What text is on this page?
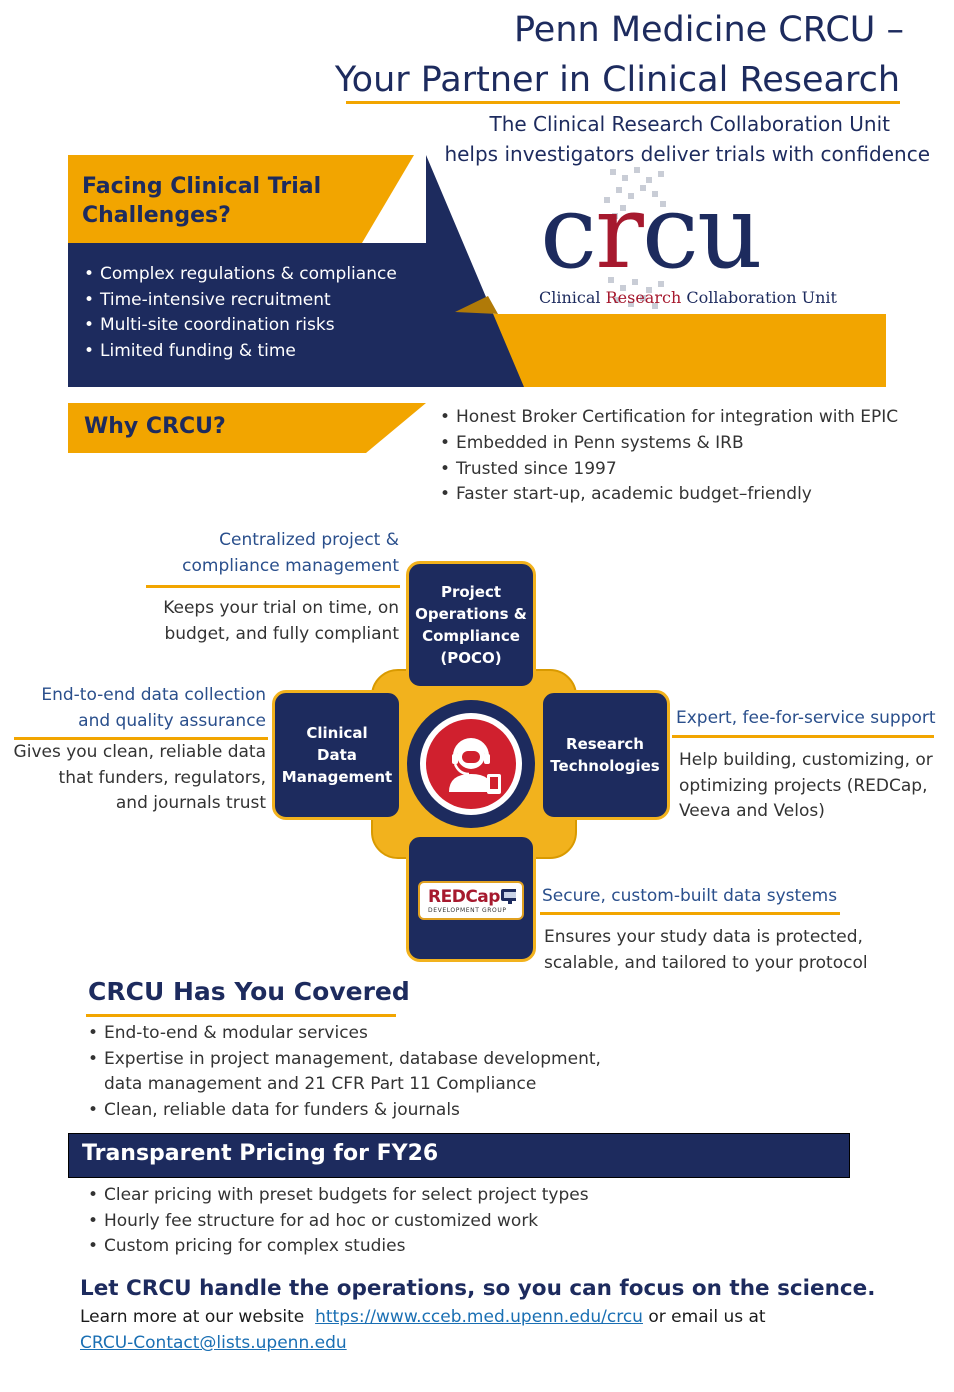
Penn Medicine CRCU –
Your Partner in Clinical Research
The Clinical Research Collaboration Unit
helps investigators deliver trials with confidence
Facing Clinical Trial
Challenges?
• Complex regulations & compliance
• Time-intensive recruitment
• Multi-site coordination risks
• Limited funding & time
crcu
Clinical Research Collaboration Unit
Why CRCU?
•	Honest Broker Certification for integration with EPIC
• Embedded in Penn systems & IRB
• Trusted since 1997
• Faster start-up, academic budget–friendly
Project
Operations &
Compliance
(POCO)
Clinical
Data
Management
Research
Technologies
REDCap
DEVELOPMENT GROUP
Centralized project &
compliance management
Keeps your trial on time, on
budget, and fully compliant
End-to-end data collection
and quality assurance
Gives you clean, reliable data
that funders, regulators,
and journals trust
Expert, fee-for-service support
Help building, customizing, or
optimizing projects (REDCap,
Veeva and Velos)
Secure, custom-built data systems
Ensures your study data is protected,
scalable, and tailored to your protocol
CRCU Has You Covered
• End-to-end & modular services
• Expertise in project management, database development,
data management and 21 CFR Part 11 Compliance
• Clean, reliable data for funders & journals
Transparent Pricing for FY26
• Clear pricing with preset budgets for select project types
• Hourly fee structure for ad hoc or customized work
• Custom pricing for complex studies
Let CRCU handle the operations, so you can focus on the science.
Learn more at our website https://www.cceb.med.upenn.edu/crcu or email us at
CRCU-Contact@lists.upenn.edu
